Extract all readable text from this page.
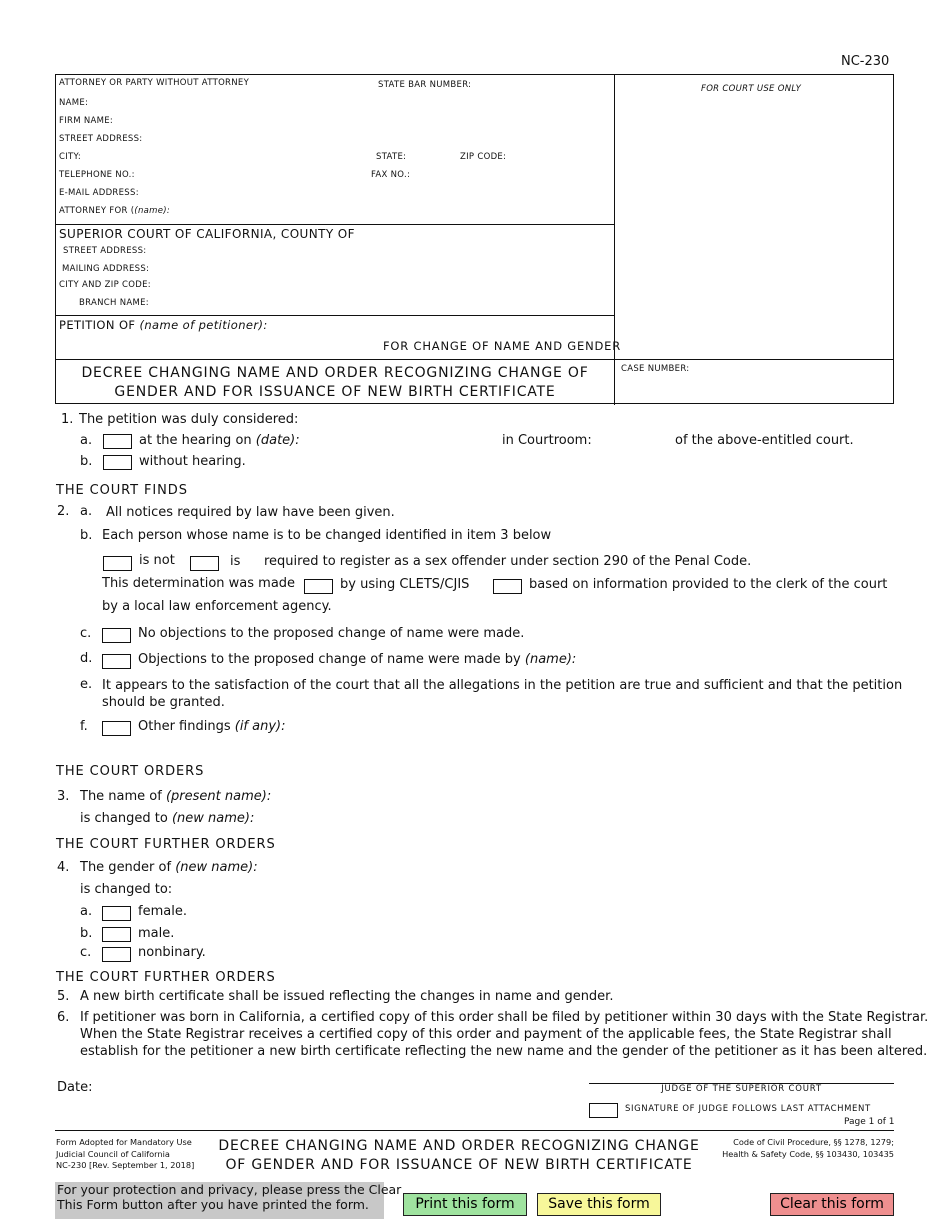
NC-230
ATTORNEY OR PARTY WITHOUT ATTORNEY	STATE BAR NUMBER:	FOR COURT USE ONLY
NAME:
FIRM NAME:
STREET ADDRESS:
CITY:	STATE:	ZIP CODE:
TELEPHONE NO.:	FAX NO.:
E-MAIL ADDRESS:
ATTORNEY FOR ((name):
SUPERIOR COURT OF CALIFORNIA, COUNTY OF
STREET ADDRESS:
MAILING ADDRESS:
CITY AND ZIP CODE:
BRANCH NAME:
PETITION OF (name of petitioner):
FOR CHANGE OF NAME AND GENDER
DECREE CHANGING NAME AND ORDER RECOGNIZING CHANGE OF
GENDER AND FOR ISSUANCE OF NEW BIRTH CERTIFICATE
CASE NUMBER:
1. The petition was duly considered:
a.	at the hearing on (date):	in Courtroom:	of the above-entitled court.
b.	without hearing.
THE COURT FINDS
2. a. All notices required by law have been given.
b. Each person whose name is to be changed identified in item 3 below
is not	is required to register as a sex offender under section 290 of the Penal Code.
This determination was made	by using CLETS/CJIS	based on information provided to the clerk of the court
by a local law enforcement agency.
c.	No objections to the proposed change of name were made.
d.	Objections to the proposed change of name were made by (name):
e. It appears to the satisfaction of the court that all the allegations in the petition are true and sufficient and that the petition
should be granted.
f.	Other findings (if any):
THE COURT ORDERS
3. The name of (present name):
is changed to (new name):
THE COURT FURTHER ORDERS
4. The gender of (new name):
is changed to:
a.	female.
b.	male.
c.	nonbinary.
THE COURT FURTHER ORDERS
5. A new birth certificate shall be issued reflecting the changes in name and gender.
6. If petitioner was born in California, a certified copy of this order shall be filed by petitioner within 30 days with the State Registrar.
When the State Registrar receives a certified copy of this order and payment of the applicable fees, the State Registrar shall
establish for the petitioner a new birth certificate reflecting the new name and the gender of the petitioner as it has been altered.
Date:	JUDGE OF THE SUPERIOR COURT
SIGNATURE OF JUDGE FOLLOWS LAST ATTACHMENT
Page 1 of 1
Form Adopted for Mandatory Use
Judicial Council of California
NC-230 [Rev. September 1, 2018]
DECREE CHANGING NAME AND ORDER RECOGNIZING CHANGE
OF GENDER AND FOR ISSUANCE OF NEW BIRTH CERTIFICATE
Code of Civil Procedure, §§ 1278, 1279;
Health & Safety Code, §§ 103430, 103435
For your protection and privacy, please press the Clear
This Form button after you have printed the form.	Print this form	Save this form	Clear this form
